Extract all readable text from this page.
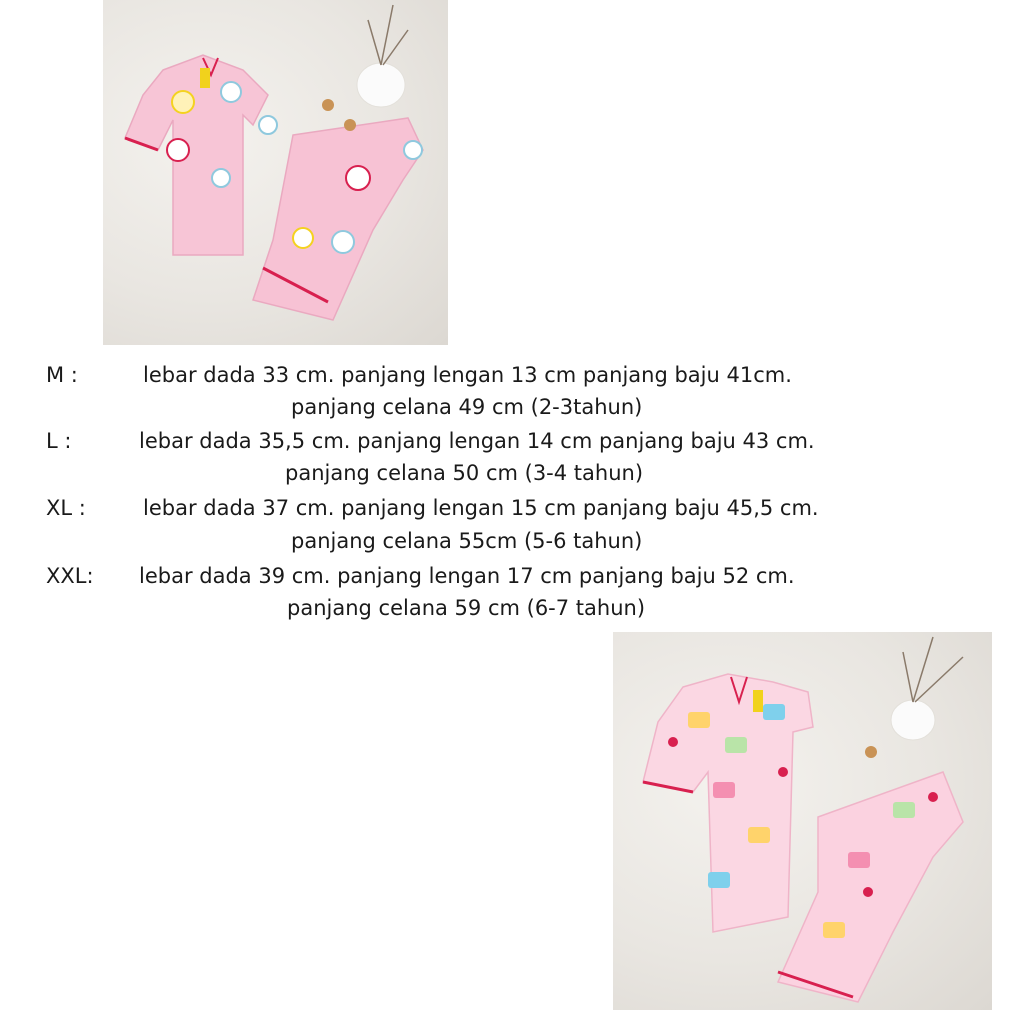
M :	lebar dada 33 cm. panjang lengan 13 cm panjang baju 41cm.
panjang celana 49 cm (2-3tahun)
L :	lebar dada 35,5 cm. panjang lengan 14 cm panjang baju 43 cm.
panjang celana 50 cm (3-4 tahun)
XL :	lebar dada 37 cm. panjang lengan 15 cm panjang baju 45,5 cm.
panjang celana 55cm (5-6 tahun)
XXL: lebar dada 39 cm. panjang lengan 17 cm panjang baju 52 cm.
panjang celana 59 cm (6-7 tahun)
